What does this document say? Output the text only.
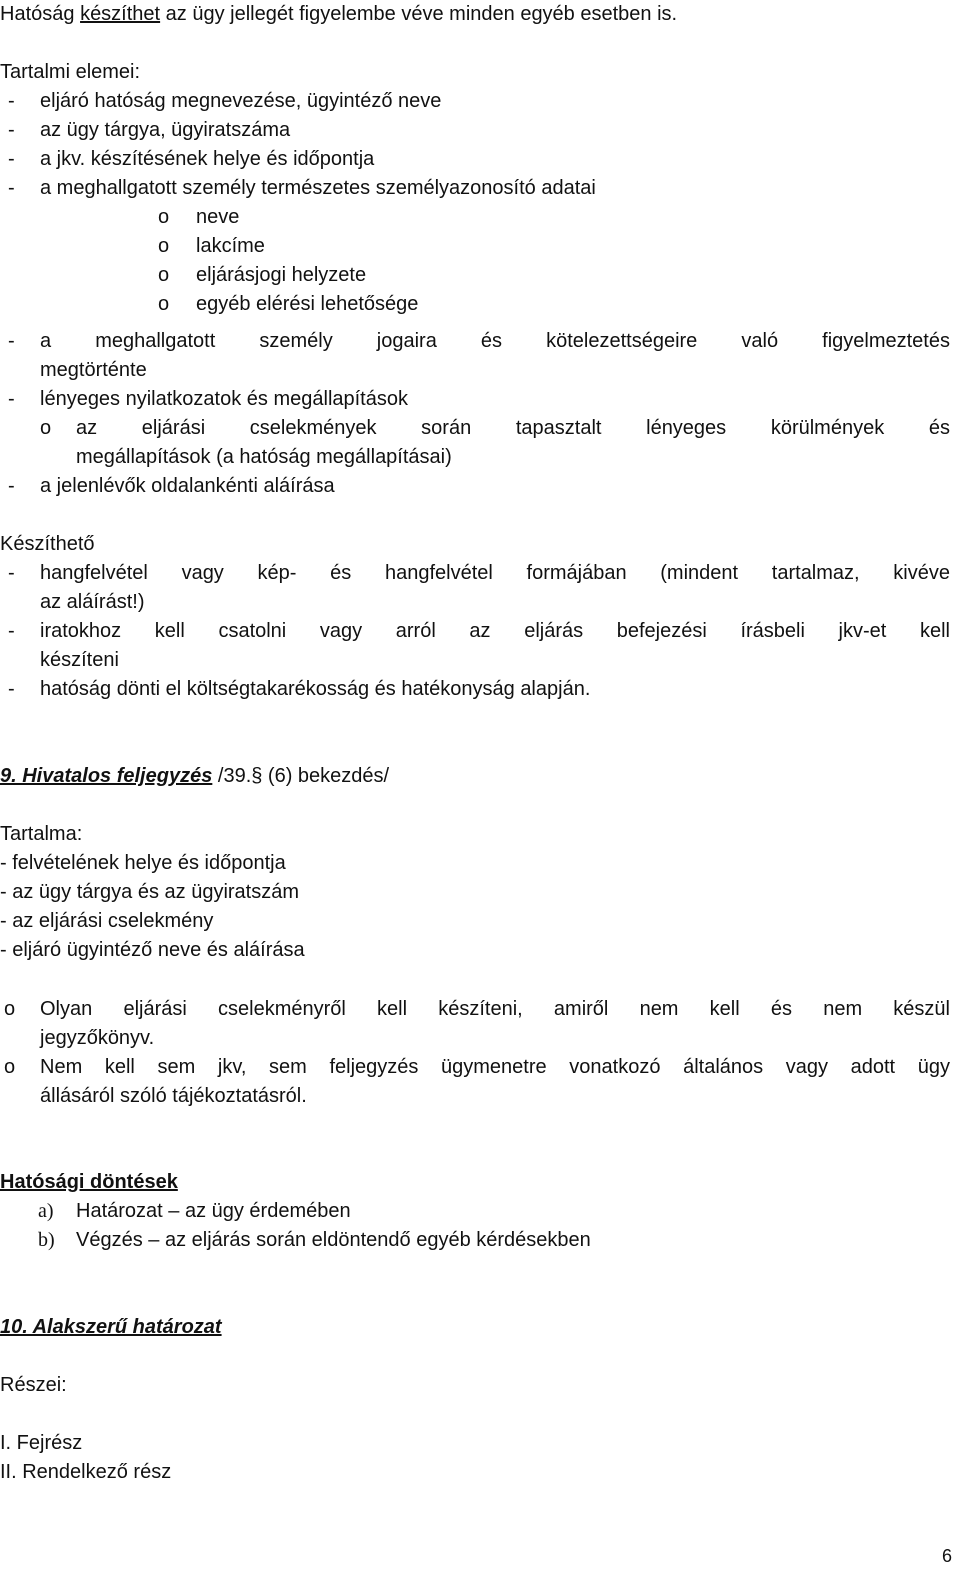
Hatóság készíthet az ügy jellegét figyelembe véve minden egyéb esetben is.
Tartalmi elemei:
- eljáró hatóság megnevezése, ügyintéző neve
- az ügy tárgya, ügyiratszáma
- a jkv. készítésének helye és időpontja
- a meghallgatott személy természetes személyazonosító adatai
o neve
o lakcíme
o eljárásjogi helyzete
o egyéb elérési lehetősége
- a meghallgatott személy jogaira és kötelezettségeire való figyelmeztetés
megtörténte
- lényeges nyilatkozatok és megállapítások
o az eljárási cselekmények során tapasztalt lényeges körülmények és
megállapítások (a hatóság megállapításai)
- a jelenlévők oldalankénti aláírása
Készíthető
- hangfelvétel vagy kép- és hangfelvétel formájában (mindent tartalmaz, kivéve
az aláírást!)
- iratokhoz kell csatolni vagy arról az eljárás befejezési írásbeli jkv-et kell
készíteni
- hatóság dönti el költségtakarékosság és hatékonyság alapján.
9. Hivatalos feljegyzés /39.§ (6) bekezdés/
Tartalma:
- felvételének helye és időpontja
- az ügy tárgya és az ügyiratszám
- az eljárási cselekmény
- eljáró ügyintéző neve és aláírása
o Olyan eljárási cselekményről kell készíteni, amiről nem kell és nem készül
jegyzőkönyv.
o Nem kell sem jkv, sem feljegyzés ügymenetre vonatkozó általános vagy adott ügy
állásáról szóló tájékoztatásról.
Hatósági döntések
a) Határozat – az ügy érdemében
b) Végzés – az eljárás során eldöntendő egyéb kérdésekben
10. Alakszerű határozat
Részei:
I. Fejrész
II. Rendelkező rész
6
